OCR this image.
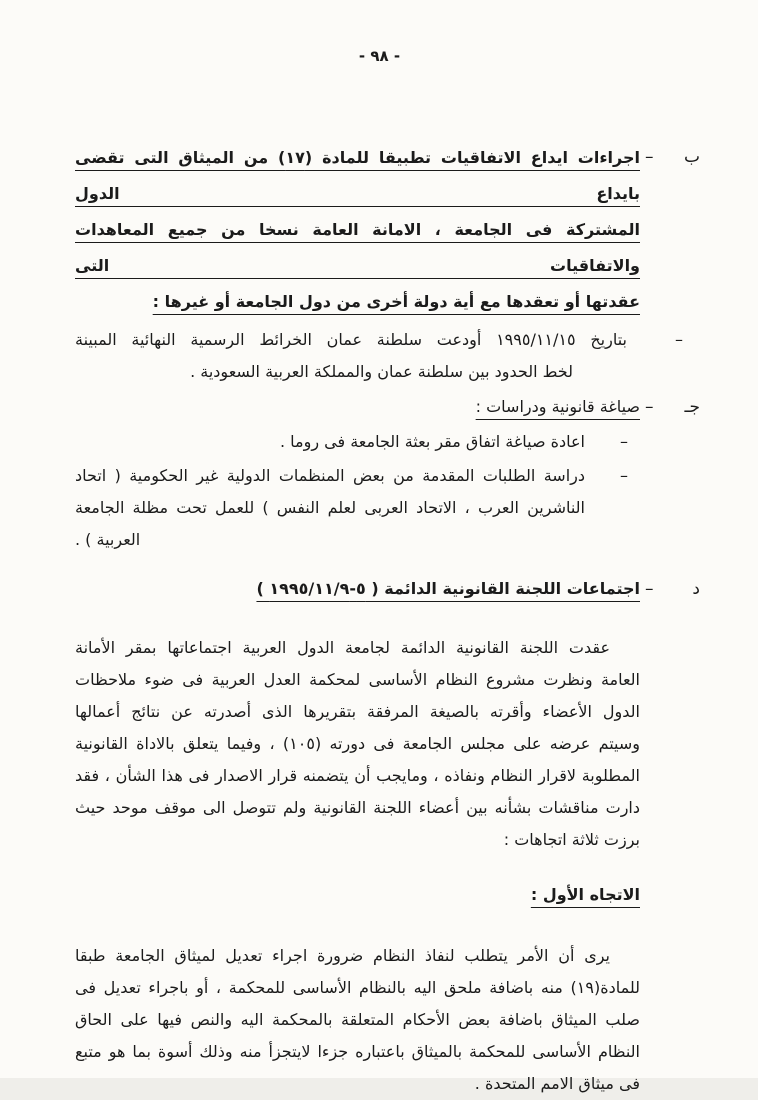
- ٩٨ -
ب
–
اجراءات ايداع الاتفاقيات تطبيقا للمادة (١٧) من الميثاق التى تقضى بايداع الدول
المشتركة فى الجامعة ، الامانة العامة نسخا من جميع المعاهدات والاتفاقيات التى
عقدتها أو تعقدها مع أية دولة أخرى من دول الجامعة أو غيرها :
–
بتاريخ ١٩٩٥/١١/١٥ أودعت سلطنة عمان الخرائط الرسمية النهائية المبينة
لخط الحدود بين سلطنة عمان والمملكة العربية السعودية .
جـ
–
صياغة قانونية ودراسات :
–
اعادة صياغة اتفاق مقر بعثة الجامعة فى روما .
–
دراسة الطلبات المقدمة من بعض المنظمات الدولية غير الحكومية ( اتحاد
الناشرين العرب ، الاتحاد العربى لعلم النفس ) للعمل تحت مظلة الجامعة
العربية ) .
د
–
اجتماعات اللجنة القانونية الدائمة ( ٥-١٩٩٥/١١/٩ )
عقدت اللجنة القانونية الدائمة لجامعة الدول العربية اجتماعاتها بمقر الأمانة
العامة ونظرت مشروع النظام الأساسى لمحكمة العدل العربية فى ضوء ملاحظات
الدول الأعضاء وأقرته بالصيغة المرفقة بتقريرها الذى أصدرته عن نتائج أعمالها
وسيتم عرضه على مجلس الجامعة فى دورته (١٠٥) ، وفيما يتعلق بالاداة القانونية
المطلوبة لاقرار النظام ونفاذه ، ومايجب أن يتضمنه قرار الاصدار فى هذا الشأن ، فقد
دارت مناقشات بشأنه بين أعضاء اللجنة القانونية ولم تتوصل الى موقف موحد حيث
برزت ثلاثة اتجاهات :
الاتجاه الأول :
يرى أن الأمر يتطلب لنفاذ النظام ضرورة اجراء تعديل لميثاق الجامعة طبقا
للمادة(١٩) منه باضافة ملحق اليه بالنظام الأساسى للمحكمة ، أو باجراء تعديل فى
صلب الميثاق باضافة بعض الأحكام المتعلقة بالمحكمة اليه والنص فيها على الحاق
النظام الأساسى للمحكمة بالميثاق باعتباره جزءا لايتجزأ منه وذلك أسوة بما هو متبع
فى ميثاق الامم المتحدة .
